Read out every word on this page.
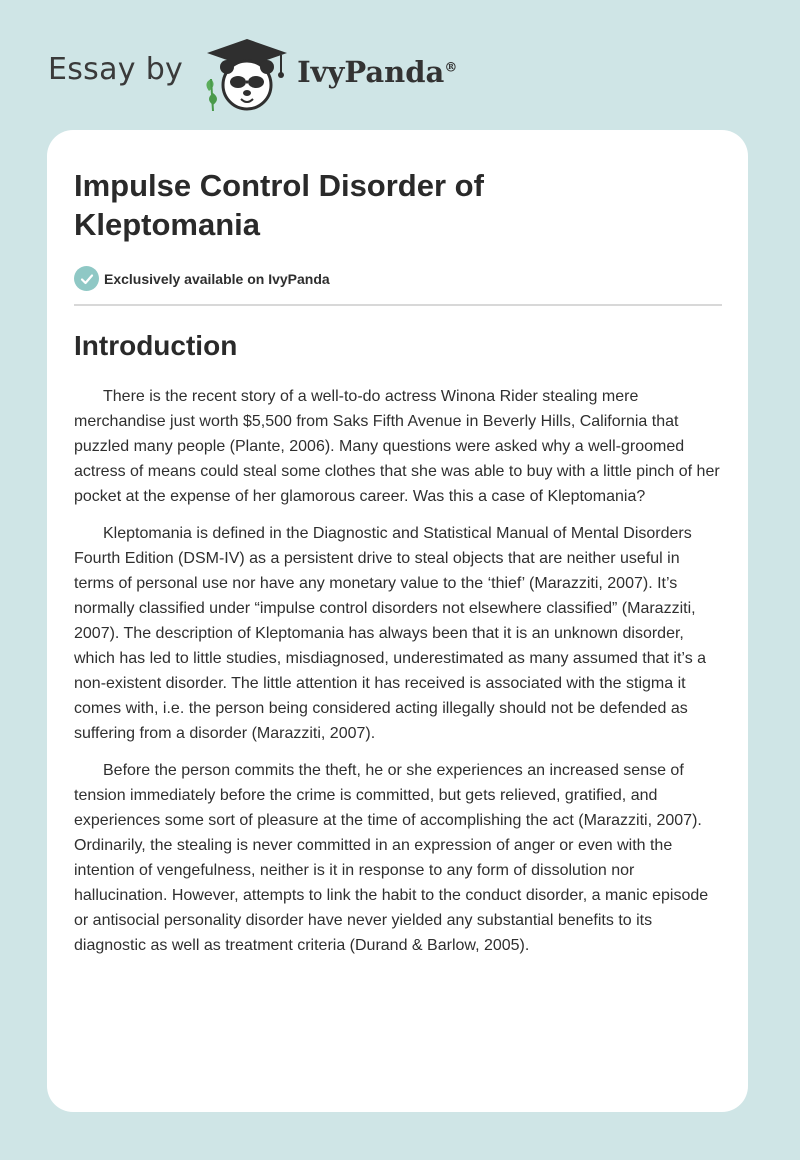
Essay by	IvyPanda®
Impulse Control Disorder of Kleptomania
Exclusively available on IvyPanda
Introduction

There is the recent story of a well-to-do actress Winona Rider stealing mere merchandise just worth $5,500 from Saks Fifth Avenue in Beverly Hills, California that puzzled many people (Plante, 2006). Many questions were asked why a well-groomed actress of means could steal some clothes that she was able to buy with a little pinch of her pocket at the expense of her glamorous career. Was this a case of Kleptomania?

Kleptomania is defined in the Diagnostic and Statistical Manual of Mental Disorders Fourth Edition (DSM-IV) as a persistent drive to steal objects that are neither useful in terms of personal use nor have any monetary value to the ‘thief’ (Marazziti, 2007). It’s normally classified under “impulse control disorders not elsewhere classified” (Marazziti, 2007). The description of Kleptomania has always been that it is an unknown disorder, which has led to little studies, misdiagnosed, underestimated as many assumed that it’s a non-existent disorder. The little attention it has received is associated with the stigma it comes with, i.e. the person being considered acting illegally should not be defended as suffering from a disorder (Marazziti, 2007).

Before the person commits the theft, he or she experiences an increased sense of tension immediately before the crime is committed, but gets relieved, gratified, and experiences some sort of pleasure at the time of accomplishing the act (Marazziti, 2007). Ordinarily, the stealing is never committed in an expression of anger or even with the intention of vengefulness, neither is it in response to any form of dissolution nor hallucination. However, attempts to link the habit to the conduct disorder, a manic episode or antisocial personality disorder have never yielded any substantial benefits to its diagnostic as well as treatment criteria (Durand & Barlow, 2005).
